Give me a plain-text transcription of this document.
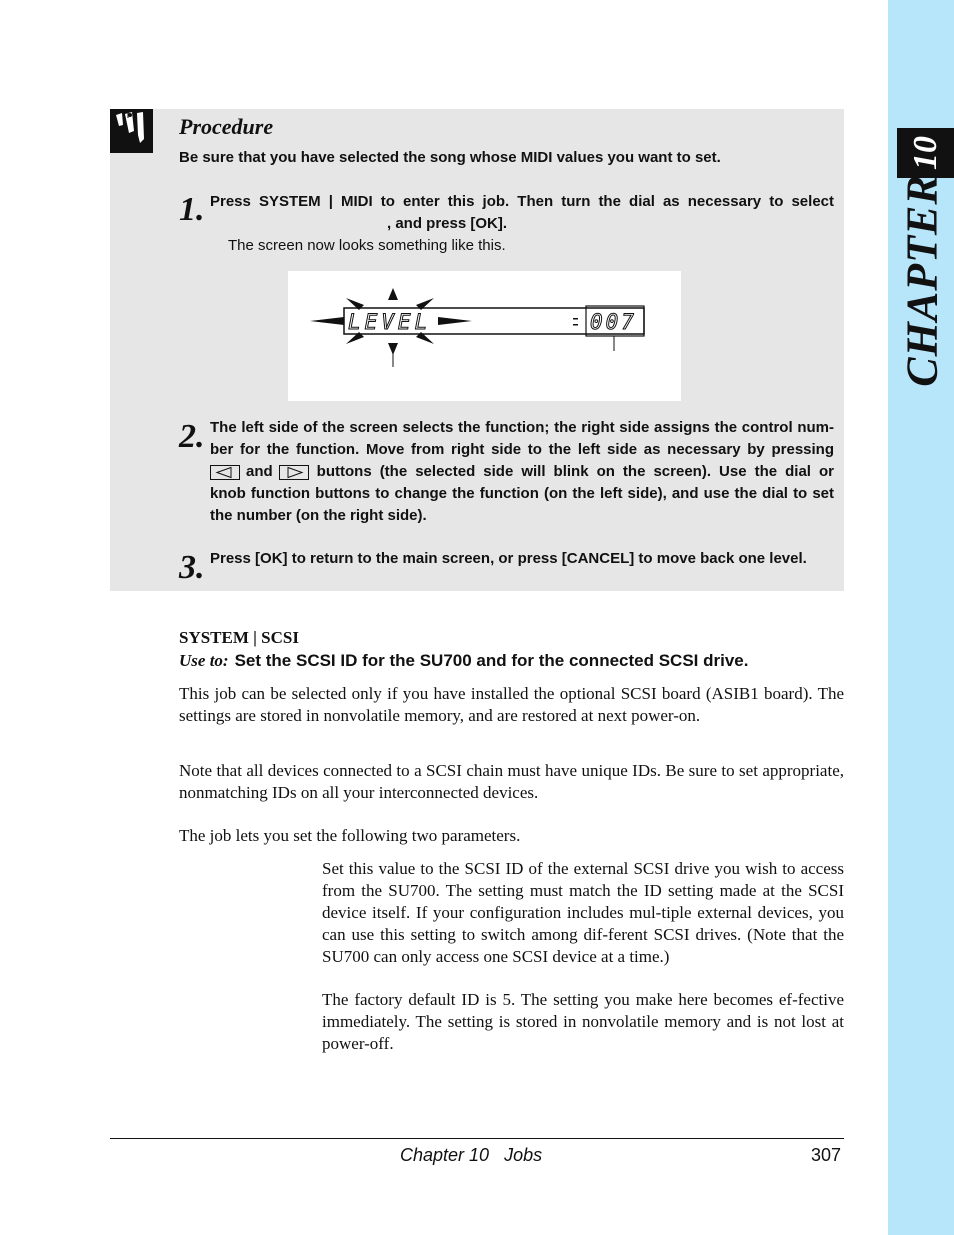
10
CHAPTER
Procedure
Be sure that you have selected the song whose MIDI values you want to set.
1. Press SYSTEM | MIDI to enter this job. Then turn the dial as necessary to select
, and press [OK].
The screen now looks something like this.
LEVEL	007
2. The left side of the screen selects the function; the right side assigns the control num-
ber for the function. Move from right side to the left side as necessary by pressing
and	buttons (the selected side will blink on the screen). Use the dial or
knob function buttons to change the function (on the left side), and use the dial to set
the number (on the right side).
3. Press [OK] to return to the main screen, or press [CANCEL] to move back one level.
SYSTEM | SCSI
Use to: Set the SCSI ID for the SU700 and for the connected SCSI drive.
This job can be selected only if you have installed the optional SCSI board (ASIB1 board). The settings are stored in nonvolatile memory, and are restored at next power-on.
Note that all devices connected to a SCSI chain must have unique IDs. Be sure to set appropriate, nonmatching IDs on all your interconnected devices.
The job lets you set the following two parameters.
Set this value to the SCSI ID of the external SCSI drive you wish to access from the SU700. The setting must match the ID setting made at the SCSI device itself. If your configuration includes mul-tiple external devices, you can use this setting to switch among dif-ferent SCSI drives. (Note that the SU700 can only access one SCSI device at a time.)
The factory default ID is 5. The setting you make here becomes ef-fective immediately. The setting is stored in nonvolatile memory and is not lost at power-off.
Chapter 10   Jobs	307
